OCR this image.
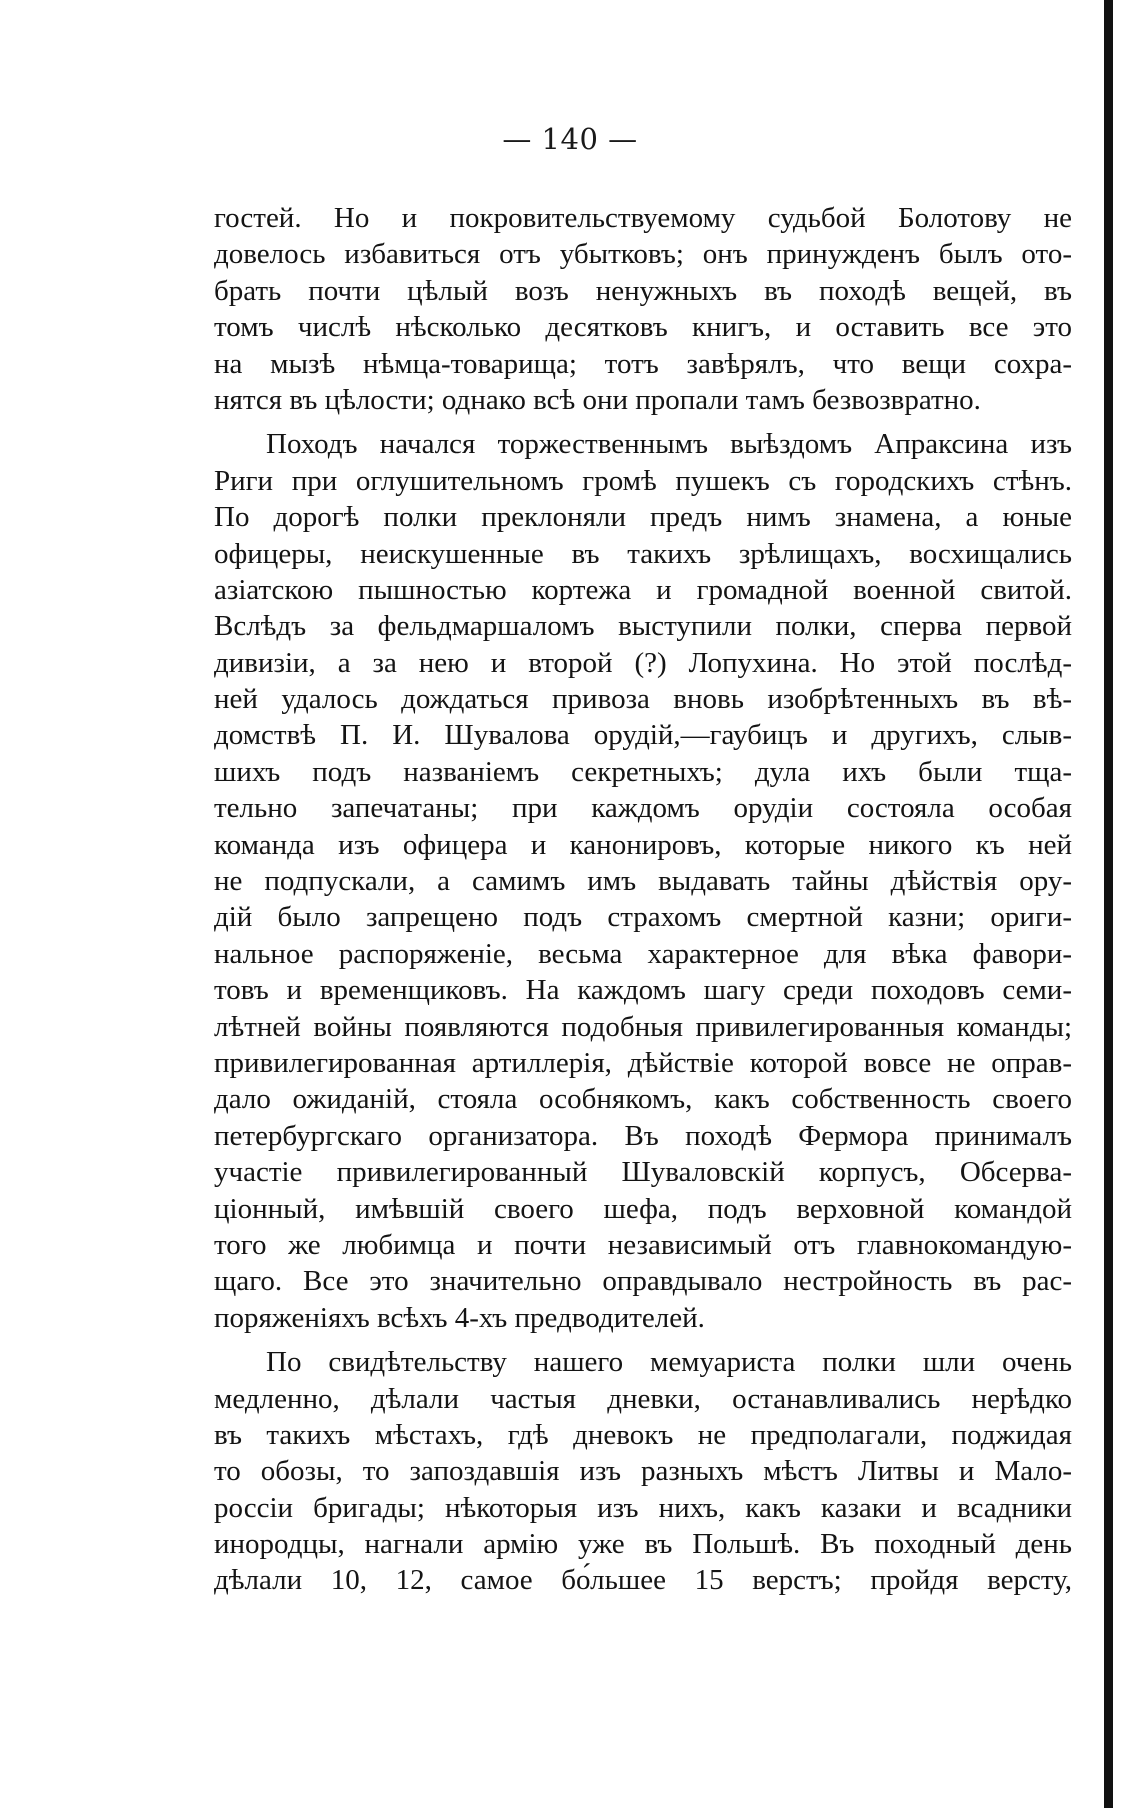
— 140 —
гостей. Но и покровительствуемому судьбой Болотову не
довелось избавиться отъ убытковъ; онъ принужденъ былъ ото-
брать почти цѣлый возъ ненужныхъ въ походѣ вещей, въ
томъ числѣ нѣсколько десятковъ книгъ, и оставить все это
на мызѣ нѣмца-товарища; тотъ завѣрялъ, что вещи сохра-
нятся въ цѣлости; однако всѣ они пропали тамъ безвозвратно.
Походъ начался торжественнымъ выѣздомъ Апраксина изъ
Риги при оглушительномъ громѣ пушекъ съ городскихъ стѣнъ.
По дорогѣ полки преклоняли предъ нимъ знамена, а юные
офицеры, неискушенные въ такихъ зрѣлищахъ, восхищались
азіатскою пышностью кортежа и громадной военной свитой.
Вслѣдъ за фельдмаршаломъ выступили полки, сперва первой
дивизіи, а за нею и второй (?) Лопухина. Но этой послѣд-
ней удалось дождаться привоза вновь изобрѣтенныхъ въ вѣ-
домствѣ П. И. Шувалова орудій,—гаубицъ и другихъ, слыв-
шихъ подъ названіемъ секретныхъ; дула ихъ были тща-
тельно запечатаны; при каждомъ орудіи состояла особая
команда изъ офицера и канонировъ, которые никого къ ней
не подпускали, а самимъ имъ выдавать тайны дѣйствія ору-
дій было запрещено подъ страхомъ смертной казни; ориги-
нальное распоряженіе, весьма характерное для вѣка фавори-
товъ и временщиковъ. На каждомъ шагу среди походовъ семи-
лѣтней войны появляются подобныя привилегированныя команды;
привилегированная артиллерія, дѣйствіе которой вовсе не оправ-
дало ожиданій, стояла особнякомъ, какъ собственность своего
петербургскаго организатора. Въ походѣ Фермора принималъ
участіе привилегированный Шуваловскій корпусъ, Обсерва-
ціонный, имѣвшій своего шефа, подъ верховной командой
того же любимца и почти независимый отъ главнокомандую-
щаго. Все это значительно оправдывало нестройность въ рас-
поряженіяхъ всѣхъ 4-хъ предводителей.
По свидѣтельству нашего мемуариста полки шли очень
медленно, дѣлали частыя дневки, останавливались нерѣдко
въ такихъ мѣстахъ, гдѣ дневокъ не предполагали, поджидая
то обозы, то запоздавшія изъ разныхъ мѣстъ Литвы и Мало-
россіи бригады; нѣкоторыя изъ нихъ, какъ казаки и всадники
инородцы, нагнали армію уже въ Польшѣ. Въ походный день
дѣлали 10, 12, самое бо́льшее 15 верстъ; пройдя версту,
